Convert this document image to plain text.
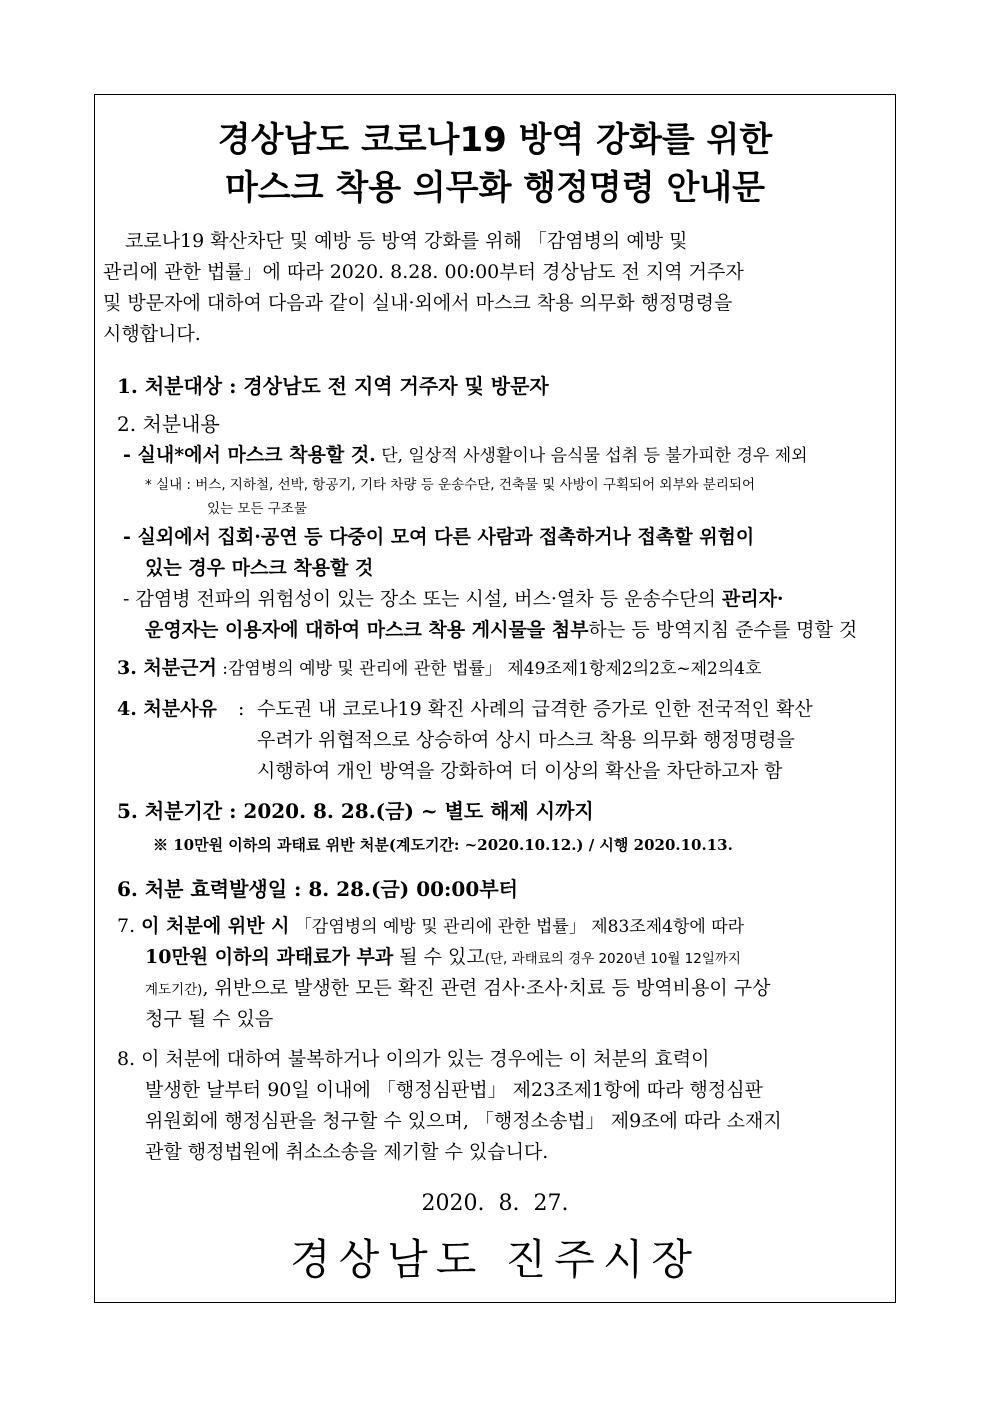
경상남도 코로나19 방역 강화를 위한
마스크 착용 의무화 행정명령 안내문
코로나19 확산차단 및 예방 등 방역 강화를 위해 「감염병의 예방 및
관리에 관한 법률」에 따라 2020. 8.28. 00:00부터 경상남도 전 지역 거주자
및 방문자에 대하여 다음과 같이 실내·외에서 마스크 착용 의무화 행정명령을
시행합니다.
1. 처분대상 : 경상남도 전 지역 거주자 및 방문자
2. 처분내용
- 실내*에서 마스크 착용할 것. 단, 일상적 사생활이나 음식물 섭취 등 불가피한 경우 제외
* 실내 : 버스, 지하철, 선박, 항공기, 기타 차량 등 운송수단, 건축물 및 사방이 구획되어 외부와 분리되어
있는 모든 구조물
- 실외에서 집회·공연 등 다중이 모여 다른 사람과 접촉하거나 접촉할 위험이
있는 경우 마스크 착용할 것
- 감염병 전파의 위험성이 있는 장소 또는 시설, 버스·열차 등 운송수단의 관리자·
운영자는 이용자에 대하여 마스크 착용 게시물을 첨부하는 등 방역지침 준수를 명할 것
3. 처분근거 :감염병의 예방 및 관리에 관한 법률」 제49조제1항제2의2호~제2의4호
4. 처분사유 : 수도권 내 코로나19 확진 사례의 급격한 증가로 인한 전국적인 확산
우려가 위협적으로 상승하여 상시 마스크 착용 의무화 행정명령을
시행하여 개인 방역을 강화하여 더 이상의 확산을 차단하고자 함
5. 처분기간 : 2020. 8. 28.(금) ~ 별도 해제 시까지
※ 10만원 이하의 과태료 위반 처분(계도기간: ~2020.10.12.) / 시행 2020.10.13.
6. 처분 효력발생일 : 8. 28.(금) 00:00부터
7. 이 처분에 위반 시 「감염병의 예방 및 관리에 관한 법률」 제83조제4항에 따라
10만원 이하의 과태료가 부과 될 수 있고(단, 과태료의 경우 2020년 10월 12일까지
계도기간), 위반으로 발생한 모든 확진 관련 검사·조사·치료 등 방역비용이 구상
청구 될 수 있음
8. 이 처분에 대하여 불복하거나 이의가 있는 경우에는 이 처분의 효력이
발생한 날부터 90일 이내에 「행정심판법」 제23조제1항에 따라 행정심판
위원회에 행정심판을 청구할 수 있으며, 「행정소송법」 제9조에 따라 소재지
관할 행정법원에 취소소송을 제기할 수 있습니다.
2020.  8.  27.
경상남도 진주시장
